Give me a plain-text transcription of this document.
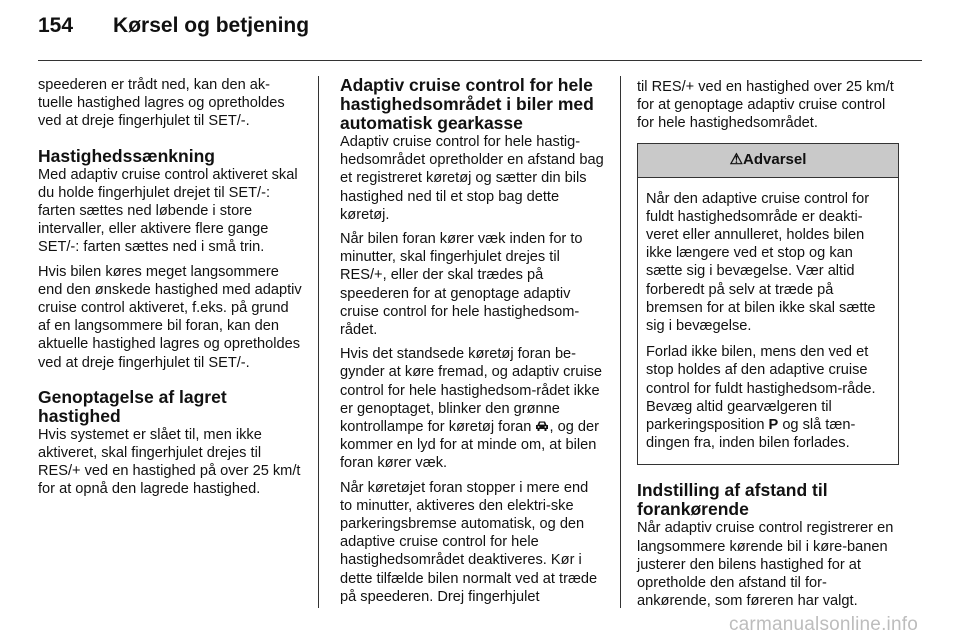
154 Kørsel og betjening

speederen er trådt ned, kan den ak-tuelle hastighed lagres og opretholdes ved at dreje fingerhjulet til SET/-.

Hastighedssænkning

Med adaptiv cruise control aktiveret skal du holde fingerhjulet drejet til SET/-: farten sættes ned løbende i store intervaller, eller aktivere flere gange SET/-: farten sættes ned i små trin.

Hvis bilen køres meget langsommere end den ønskede hastighed med adaptiv cruise control aktiveret, f.eks. på grund af en langsommere bil foran, kan den aktuelle hastighed lagres og opretholdes ved at dreje fingerhjulet til SET/-.

Genoptagelse af lagret hastighed

Hvis systemet er slået til, men ikke aktiveret, skal fingerhjulet drejes til RES/+ ved en hastighed på over 25 km/t for at opnå den lagrede hastighed.

Adaptiv cruise control for hele hastighedsområdet i biler med automatisk gearkasse

Adaptiv cruise control for hele hastig-hedsområdet opretholder en afstand bag et registreret køretøj og sætter din bils hastighed ned til et stop bag dette køretøj.

Når bilen foran kører væk inden for to minutter, skal fingerhjulet drejes til RES/+, eller der skal trædes på speederen for at genoptage adaptiv cruise control for hele hastighedsom-rådet.

Hvis det standsede køretøj foran be-gynder at køre fremad, og adaptiv cruise control for hele hastighedsom-rådet ikke er genoptaget, blinker den grønne kontrollampe for køretøj foran , og der kommer en lyd for at minde om, at bilen foran kører væk.

Når køretøjet foran stopper i mere end to minutter, aktiveres den elektri-ske parkeringsbremse automatisk, og den adaptive cruise control for hele hastighedsområdet deaktiveres. Kør i dette tilfælde bilen normalt ved at træde på speederen. Drej fingerhjulet

til RES/+ ved en hastighed over 25 km/t for at genoptage adaptiv cruise control for hele hastighedsområdet.

⚠ Advarsel

Når den adaptive cruise control for fuldt hastighedsområde er deakti-veret eller annulleret, holdes bilen ikke længere ved et stop og kan sætte sig i bevægelse. Vær altid forberedt på selv at træde på bremsen for at bilen ikke skal sætte sig i bevægelse.

Forlad ikke bilen, mens den ved et stop holdes af den adaptive cruise control for fuldt hastighedsom-råde. Bevæg altid gearvælgeren til parkeringsposition P og slå tæn-dingen fra, inden bilen forlades.

Indstilling af afstand til forankørende

Når adaptiv cruise control registrerer en langsommere kørende bil i køre-banen justerer den bilens hastighed for at opretholde den afstand til for-ankørende, som føreren har valgt.

carmanualsonline.info
